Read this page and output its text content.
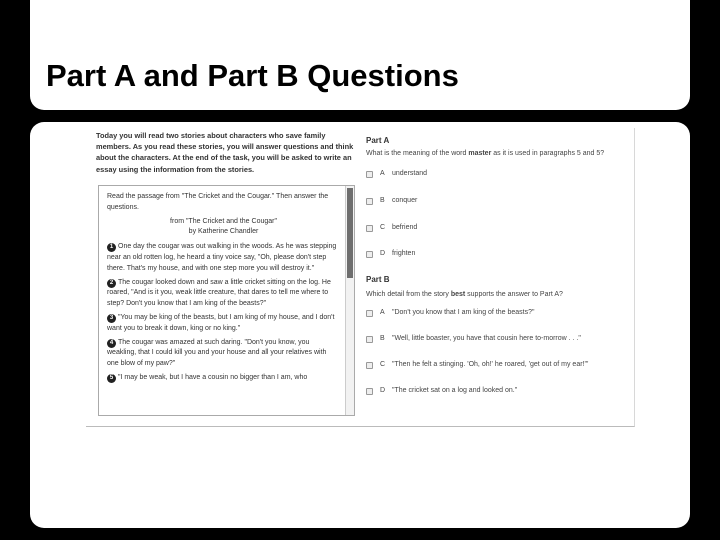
Part A and Part B Questions
Today you will read two stories about characters who save family members. As you read these stories, you will answer questions and think about the characters. At the end of the task, you will be asked to write an essay using the information from the stories.

Read the passage from "The Cricket and the Cougar." Then answer the questions.

from "The Cricket and the Cougar"

by Katherine Chandler

1 One day the cougar was out walking in the woods. As he was stepping near an old rotten log, he heard a tiny voice say, "Oh, please don't step there. That's my house, and with one step more you will destroy it."

2 The cougar looked down and saw a little cricket sitting on the log. He roared, "And is it you, weak little creature, that dares to tell me where to step? Don't you know that I am king of the beasts?"

3 "You may be king of the beasts, but I am king of my house, and I don't want you to break it down, king or no king."

4 The cougar was amazed at such daring. "Don't you know, you weakling, that I could kill you and your house and all your relatives with one blow of my paw?"

5 "I may be weak, but I have a cousin no bigger than I am, who

Part A
What is the meaning of the word master as it is used in paragraphs 5 and 5?
A understand
B conquer
C befriend
D frighten
Part B
Which detail from the story best supports the answer to Part A?
A "Don't you know that I am king of the beasts?"
B "Well, little boaster, you have that cousin here to-morrow . . ."
C "Then he felt a stinging. 'Oh, oh!' he roared, 'get out of my ear!'"
D "The cricket sat on a log and looked on."
